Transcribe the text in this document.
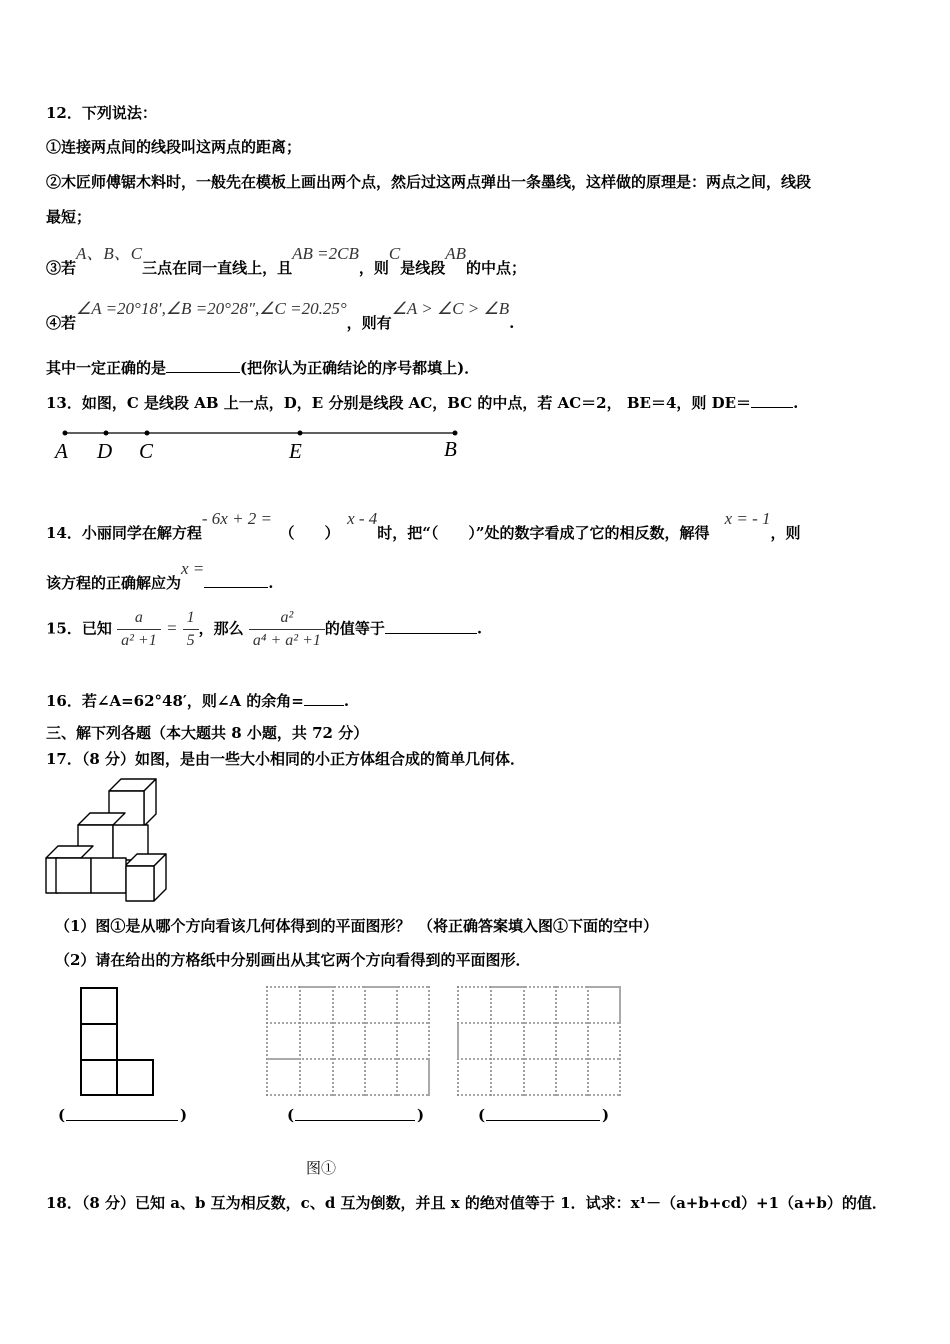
12．下列说法：
①连接两点间的线段叫这两点的距离；
②木匠师傅锯木料时，一般先在模板上画出两个点，然后过这两点弹出一条墨线，这样做的原理是：两点之间，线段
最短；
③若A、B、C三点在同一直线上，且AB =2CB，则C是线段AB的中点；
④若∠A =20°18′,∠B =20°28″,∠C =20.25°，则有∠A > ∠C > ∠B.
其中一定正确的是	(把你认为正确结论的序号都填上)．
13．如图，C 是线段 AB 上一点，D，E 分别是线段 AC，BC 的中点，若 AC＝2， BE＝4，则 DE＝	.
A D C	E	B
14．小丽同学在解方程- 6x + 2 =　（　　）　x - 4时，把“（　　）”处的数字看成了它的相反数，解得　x = - 1，则
该方程的正确解应为x =.
15．已知 $\frac{a}{\text{a² +1}} = \frac{1}{5}$ ，那么 $\frac{\text{a²}}{\text{a⁴ + a² +1}}$ 的值等于	.
16．若∠A=62°48′，则∠A 的余角=	.
三、解下列各题（本大题共 8 小题，共 72 分）
17．（8 分）如图，是由一些大小相同的小正方体组合成的简单几何体．
（1）图①是从哪个方向看该几何体得到的平面图形？　（将正确答案填入图①下面的空中）
（2）请在给出的方格纸中分别画出从其它两个方向看得到的平面图形．
(	)	(	)	(	)
图①
18．（8 分）已知 a、b 互为相反数，c、d 互为倒数，并且 x 的绝对值等于 1．试求：x¹－（a+b+cd）+1（a+b）的值．
